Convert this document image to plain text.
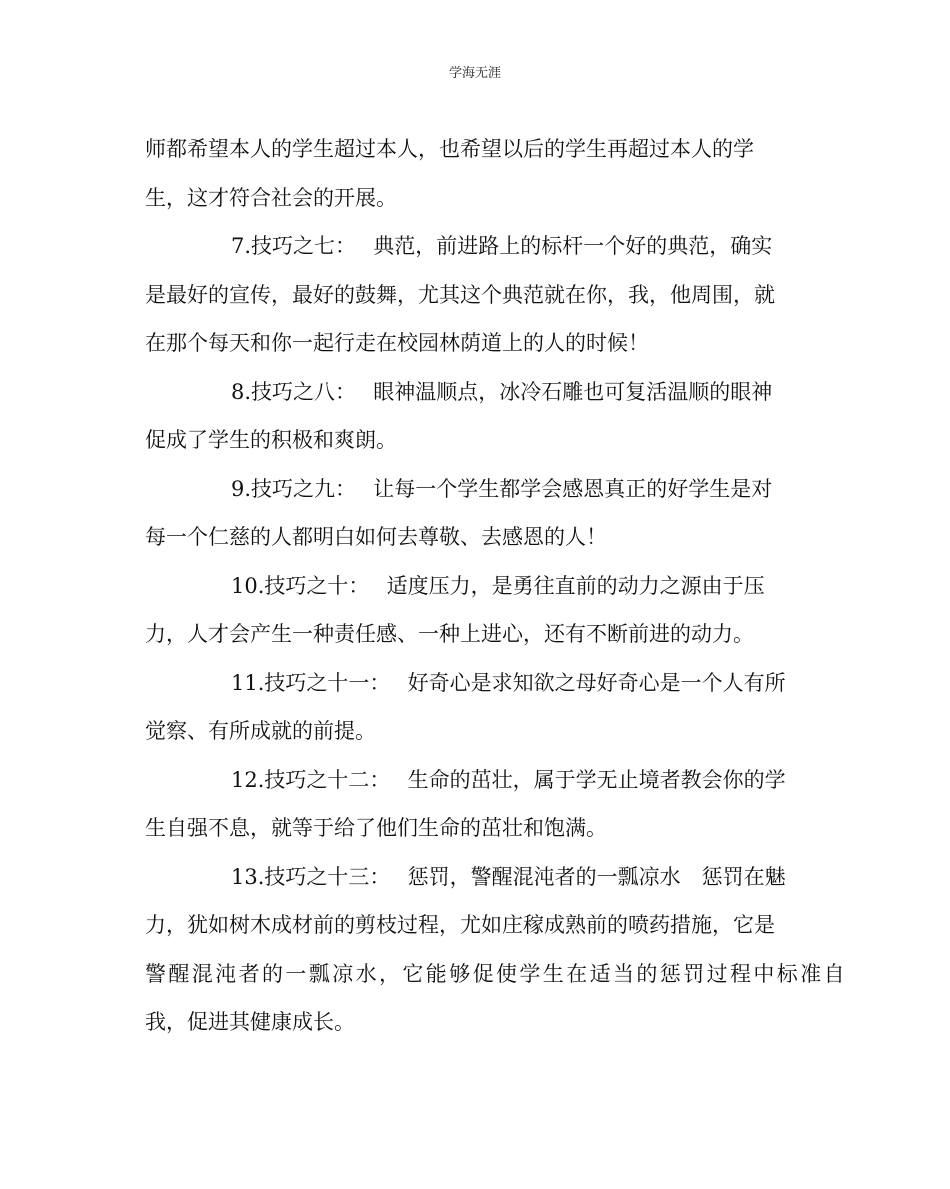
学海无涯
师都希望本人的学生超过本人，也希望以后的学生再超过本人的学
生，这才符合社会的开展。
7.技巧之七：　 典范，前进路上的标杆一个好的典范，确实
是最好的宣传，最好的鼓舞，尤其这个典范就在你，我，他周围，就
在那个每天和你一起行走在校园林荫道上的人的时候！
8.技巧之八：　 眼神温顺点，冰冷石雕也可复活温顺的眼神
促成了学生的积极和爽朗。
9.技巧之九：　 让每一个学生都学会感恩真正的好学生是对
每一个仁慈的人都明白如何去尊敬、去感恩的人！
10.技巧之十：　 适度压力，是勇往直前的动力之源由于压
力，人才会产生一种责任感、一种上进心，还有不断前进的动力。
11.技巧之十一：　 好奇心是求知欲之母好奇心是一个人有所
觉察、有所成就的前提。
12.技巧之十二：　 生命的茁壮，属于学无止境者教会你的学
生自强不息，就等于给了他们生命的茁壮和饱满。
13.技巧之十三：　 惩罚，警醒混沌者的一瓢凉水　惩罚在魅
力，犹如树木成材前的剪枝过程，尤如庄稼成熟前的喷药措施，它是
警醒混沌者的一瓢凉水，它能够促使学生在适当的惩罚过程中标准自
我，促进其健康成长。
